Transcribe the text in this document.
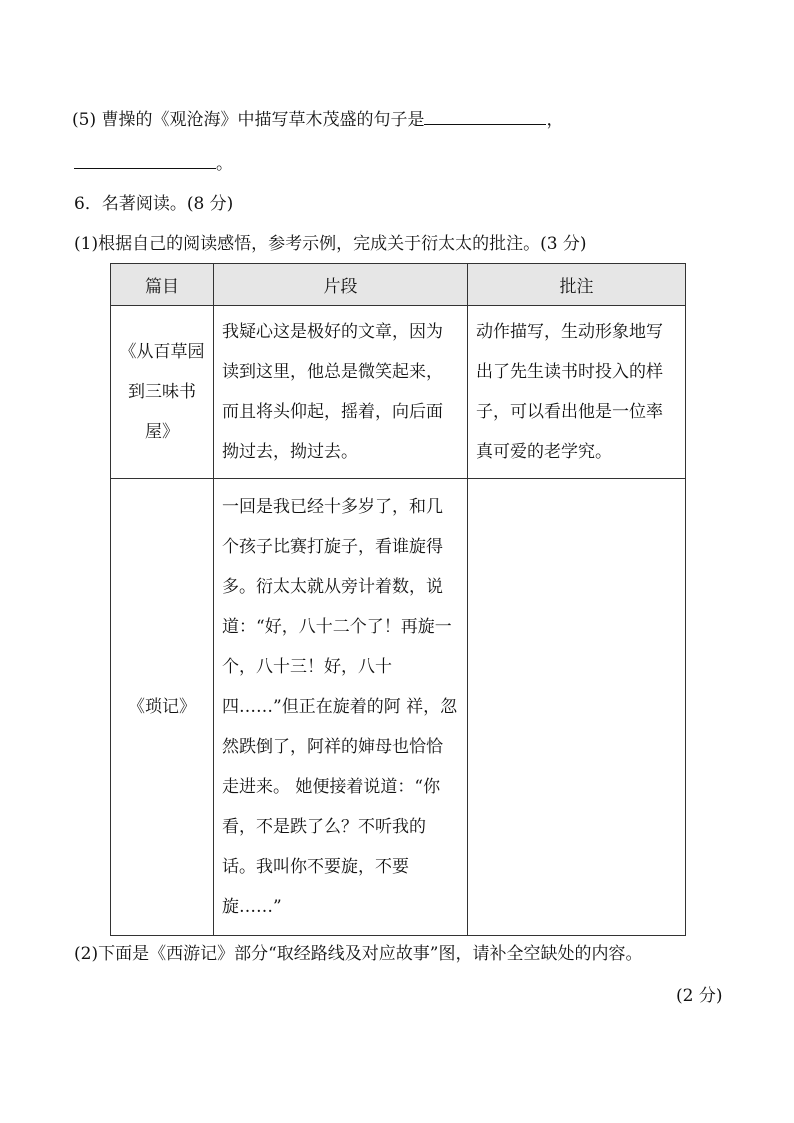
(5) 曹操的《观沧海》中描写草木茂盛的句子是	，
。
6．名著阅读。(8 分)
(1)根据自己的阅读感悟，参考示例，完成关于衍太太的批注。(3 分)
篇目	片段	批注

《从百草园到三味书屋》	我疑心这是极好的文章，因为读到这里，他总是微笑起来，而且将头仰起，摇着，向后面拗过去，拗过去。	动作描写，生动形象地写出了先生读书时投入的样子，可以看出他是一位率真可爱的老学究。

《琐记》	一回是我已经十多岁了，和几个孩子比赛打旋子，看谁旋得多。衍太太就从旁计着数，说道：“好，八十二个了！再旋一个，八十三！好，八十四……”但正在旋着的阿 祥，忽然跌倒了，阿祥的婶母也恰恰走进来。 她便接着说道：“你看，不是跌了么？不听我的话。我叫你不要旋，不要旋……”	

(2)下面是《西游记》部分“取经路线及对应故事”图，请补全空缺处的内容。
(2 分)
